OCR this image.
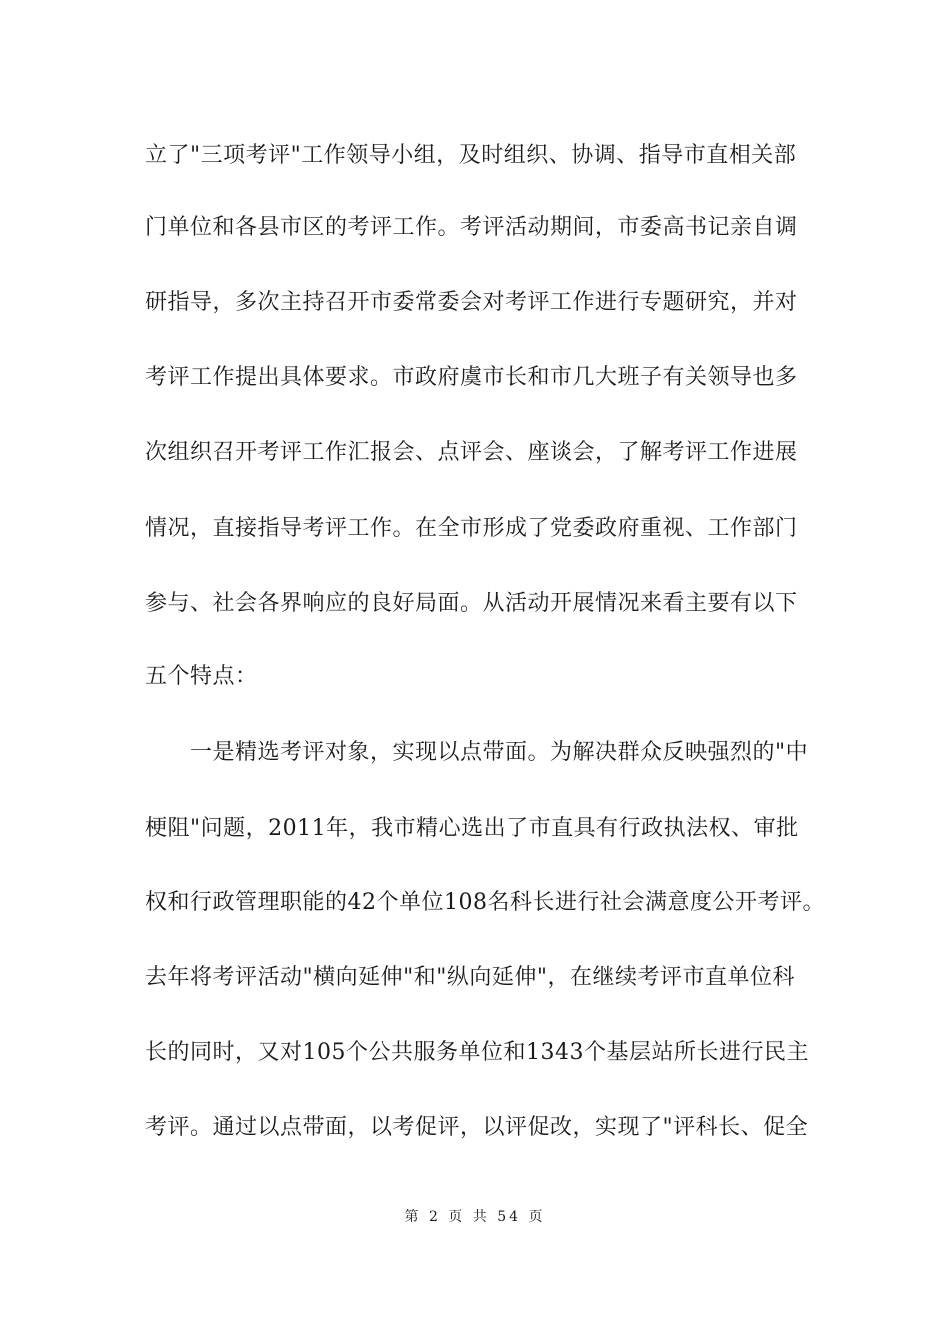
立了"三项考评"工作领导小组，及时组织、协调、指导市直相关部
门单位和各县市区的考评工作。考评活动期间，市委高书记亲自调
研指导，多次主持召开市委常委会对考评工作进行专题研究，并对
考评工作提出具体要求。市政府虞市长和市几大班子有关领导也多
次组织召开考评工作汇报会、点评会、座谈会，了解考评工作进展
情况，直接指导考评工作。在全市形成了党委政府重视、工作部门
参与、社会各界响应的良好局面。从活动开展情况来看主要有以下
五个特点：
一是精选考评对象，实现以点带面。为解决群众反映强烈的"中
梗阻"问题，2011年，我市精心选出了市直具有行政执法权、审批
权和行政管理职能的42个单位108名科长进行社会满意度公开考评。
去年将考评活动"横向延伸"和"纵向延伸"，在继续考评市直单位科
长的同时，又对105个公共服务单位和1343个基层站所长进行民主
考评。通过以点带面，以考促评，以评促改，实现了"评科长、促全
第 2 页 共 54 页
